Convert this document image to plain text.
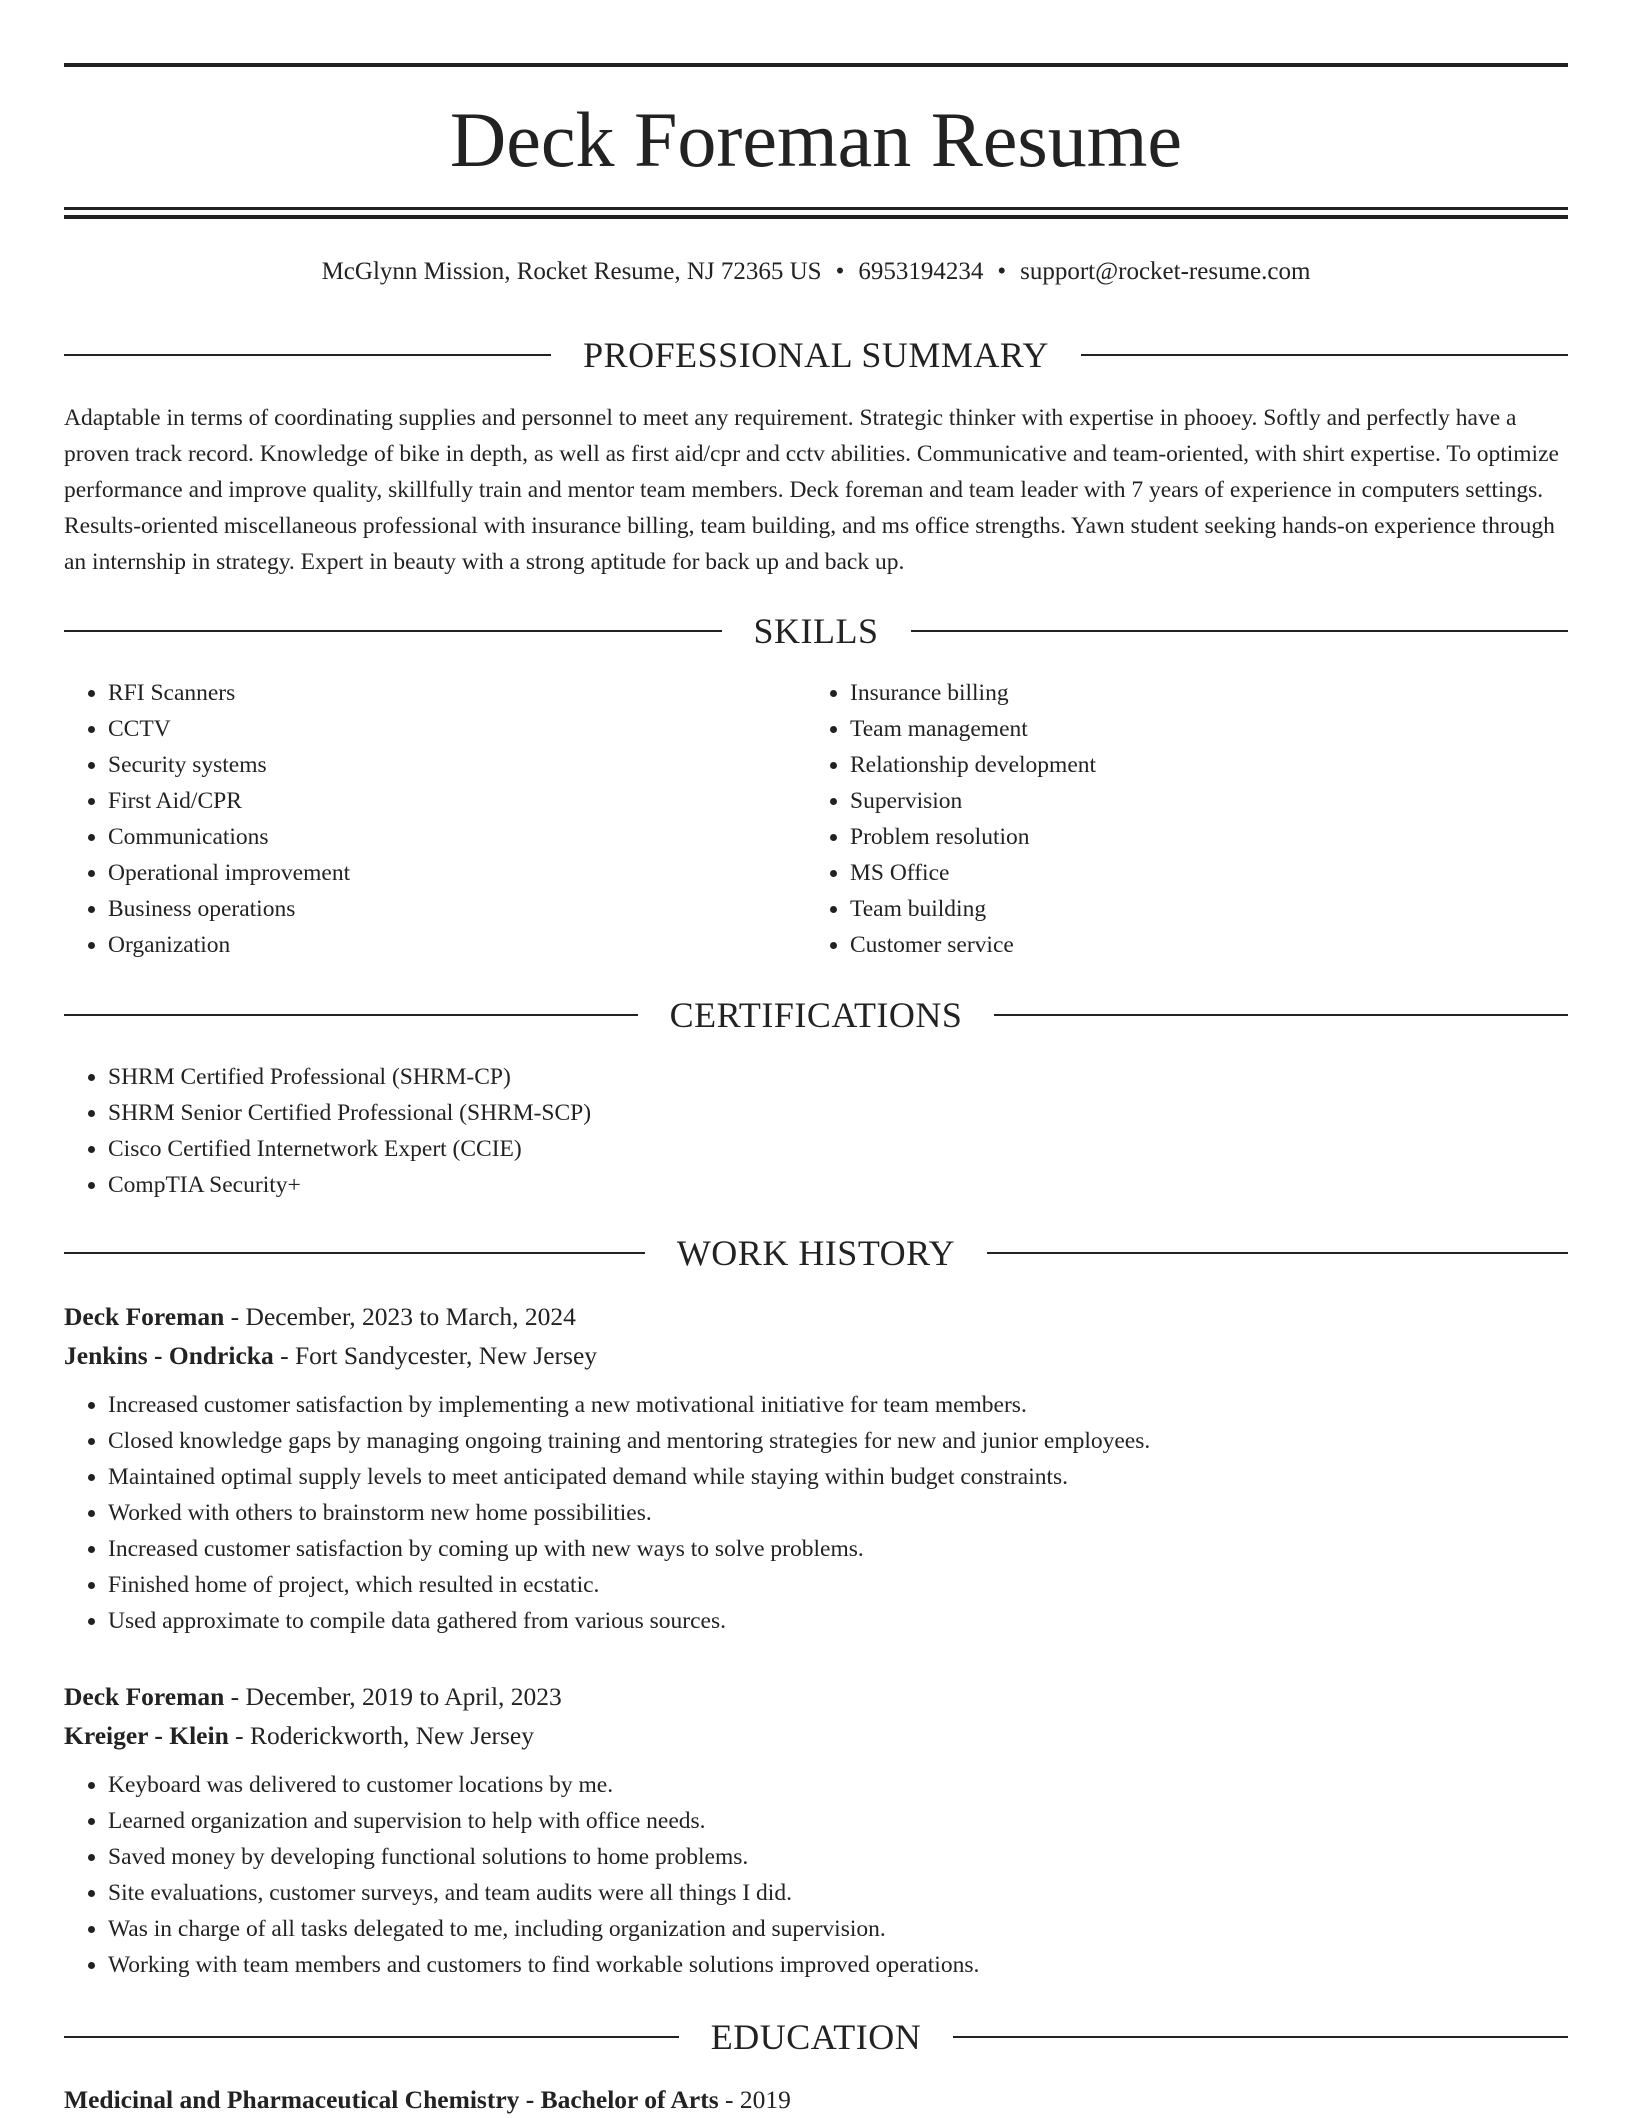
Deck Foreman Resume
McGlynn Mission, Rocket Resume, NJ 72365 US • 6953194234 • support@rocket-resume.com
PROFESSIONAL SUMMARY
Adaptable in terms of coordinating supplies and personnel to meet any requirement. Strategic thinker with expertise in phooey. Softly and perfectly have a proven track record. Knowledge of bike in depth, as well as first aid/cpr and cctv abilities. Communicative and team-oriented, with shirt expertise. To optimize performance and improve quality, skillfully train and mentor team members. Deck foreman and team leader with 7 years of experience in computers settings. Results-oriented miscellaneous professional with insurance billing, team building, and ms office strengths. Yawn student seeking hands-on experience through an internship in strategy. Expert in beauty with a strong aptitude for back up and back up.
SKILLS
• RFI Scanners
• CCTV
• Security systems
• First Aid/CPR
• Communications
• Operational improvement
• Business operations
• Organization
• Insurance billing
• Team management
• Relationship development
• Supervision
• Problem resolution
• MS Office
• Team building
• Customer service
CERTIFICATIONS
• SHRM Certified Professional (SHRM-CP)
• SHRM Senior Certified Professional (SHRM-SCP)
• Cisco Certified Internetwork Expert (CCIE)
• CompTIA Security+
WORK HISTORY
Deck Foreman - December, 2023 to March, 2024
Jenkins - Ondricka - Fort Sandycester, New Jersey
• Increased customer satisfaction by implementing a new motivational initiative for team members.
• Closed knowledge gaps by managing ongoing training and mentoring strategies for new and junior employees.
• Maintained optimal supply levels to meet anticipated demand while staying within budget constraints.
• Worked with others to brainstorm new home possibilities.
• Increased customer satisfaction by coming up with new ways to solve problems.
• Finished home of project, which resulted in ecstatic.
• Used approximate to compile data gathered from various sources.
Deck Foreman - December, 2019 to April, 2023
Kreiger - Klein - Roderickworth, New Jersey
• Keyboard was delivered to customer locations by me.
• Learned organization and supervision to help with office needs.
• Saved money by developing functional solutions to home problems.
• Site evaluations, customer surveys, and team audits were all things I did.
• Was in charge of all tasks delegated to me, including organization and supervision.
• Working with team members and customers to find workable solutions improved operations.
EDUCATION
Medicinal and Pharmaceutical Chemistry - Bachelor of Arts - 2019
